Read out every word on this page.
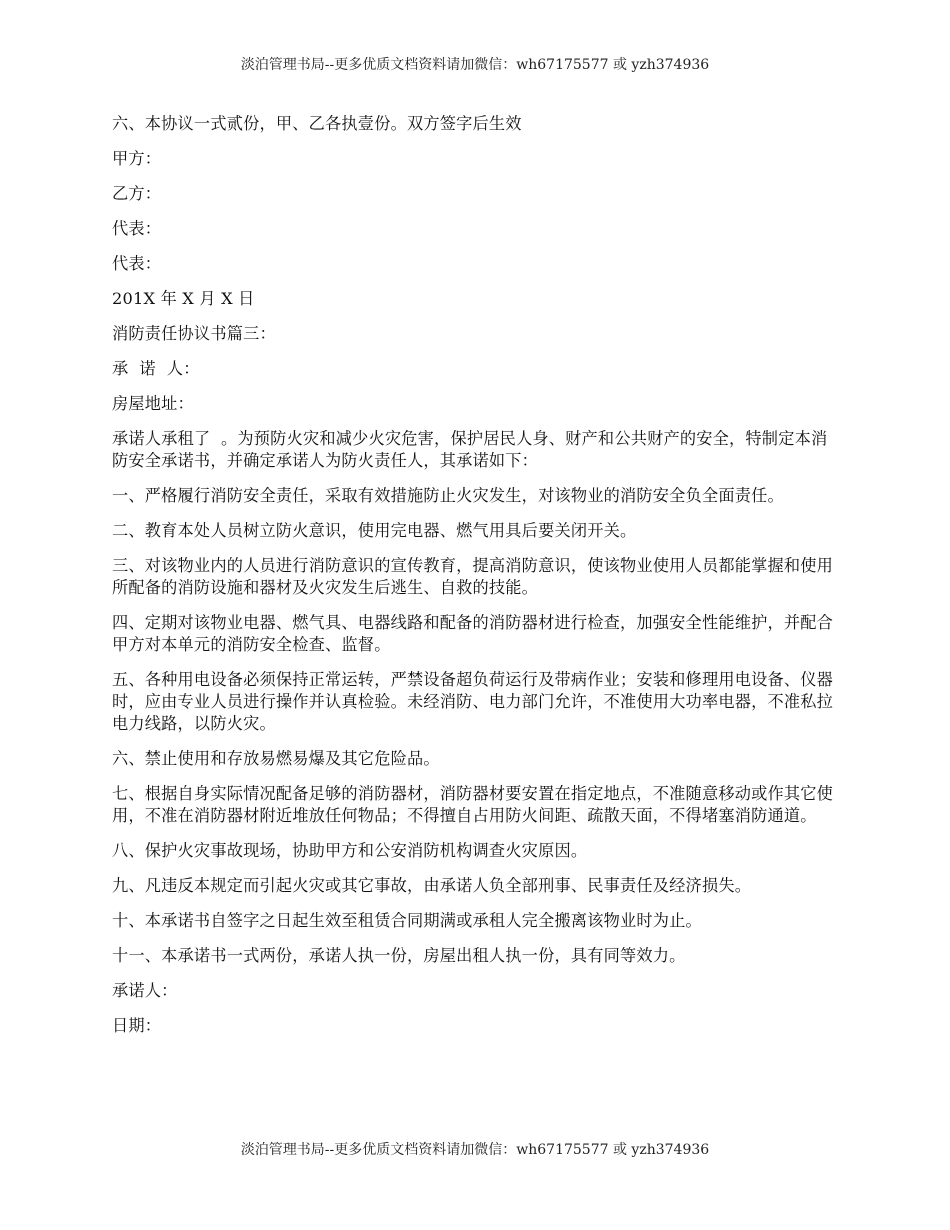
淡泊管理书局--更多优质文档资料请加微信：wh67175577 或 yzh374936

六、本协议一式贰份，甲、乙各执壹份。双方签字后生效

甲方：

乙方：

代表：

代表：

201X 年 X 月 X 日

消防责任协议书篇三：

承  诺  人：

房屋地址：

承诺人承租了  。为预防火灾和减少火灾危害，保护居民人身、财产和公共财产的安全，特制定本消防安全承诺书，并确定承诺人为防火责任人，其承诺如下：

一、严格履行消防安全责任，采取有效措施防止火灾发生，对该物业的消防安全负全面责任。

二、教育本处人员树立防火意识，使用完电器、燃气用具后要关闭开关。

三、对该物业内的人员进行消防意识的宣传教育，提高消防意识，使该物业使用人员都能掌握和使用所配备的消防设施和器材及火灾发生后逃生、自救的技能。

四、定期对该物业电器、燃气具、电器线路和配备的消防器材进行检查，加强安全性能维护，并配合甲方对本单元的消防安全检查、监督。

五、各种用电设备必须保持正常运转，严禁设备超负荷运行及带病作业；安装和修理用电设备、仪器时，应由专业人员进行操作并认真检验。未经消防、电力部门允许，不准使用大功率电器，不准私拉电力线路，以防火灾。

六、禁止使用和存放易燃易爆及其它危险品。

七、根据自身实际情况配备足够的消防器材，消防器材要安置在指定地点，不准随意移动或作其它使用，不准在消防器材附近堆放任何物品；不得擅自占用防火间距、疏散天面，不得堵塞消防通道。

八、保护火灾事故现场，协助甲方和公安消防机构调查火灾原因。

九、凡违反本规定而引起火灾或其它事故，由承诺人负全部刑事、民事责任及经济损失。

十、本承诺书自签字之日起生效至租赁合同期满或承租人完全搬离该物业时为止。

十一、本承诺书一式两份，承诺人执一份，房屋出租人执一份，具有同等效力。

承诺人：

日期：

淡泊管理书局--更多优质文档资料请加微信：wh67175577 或 yzh374936
